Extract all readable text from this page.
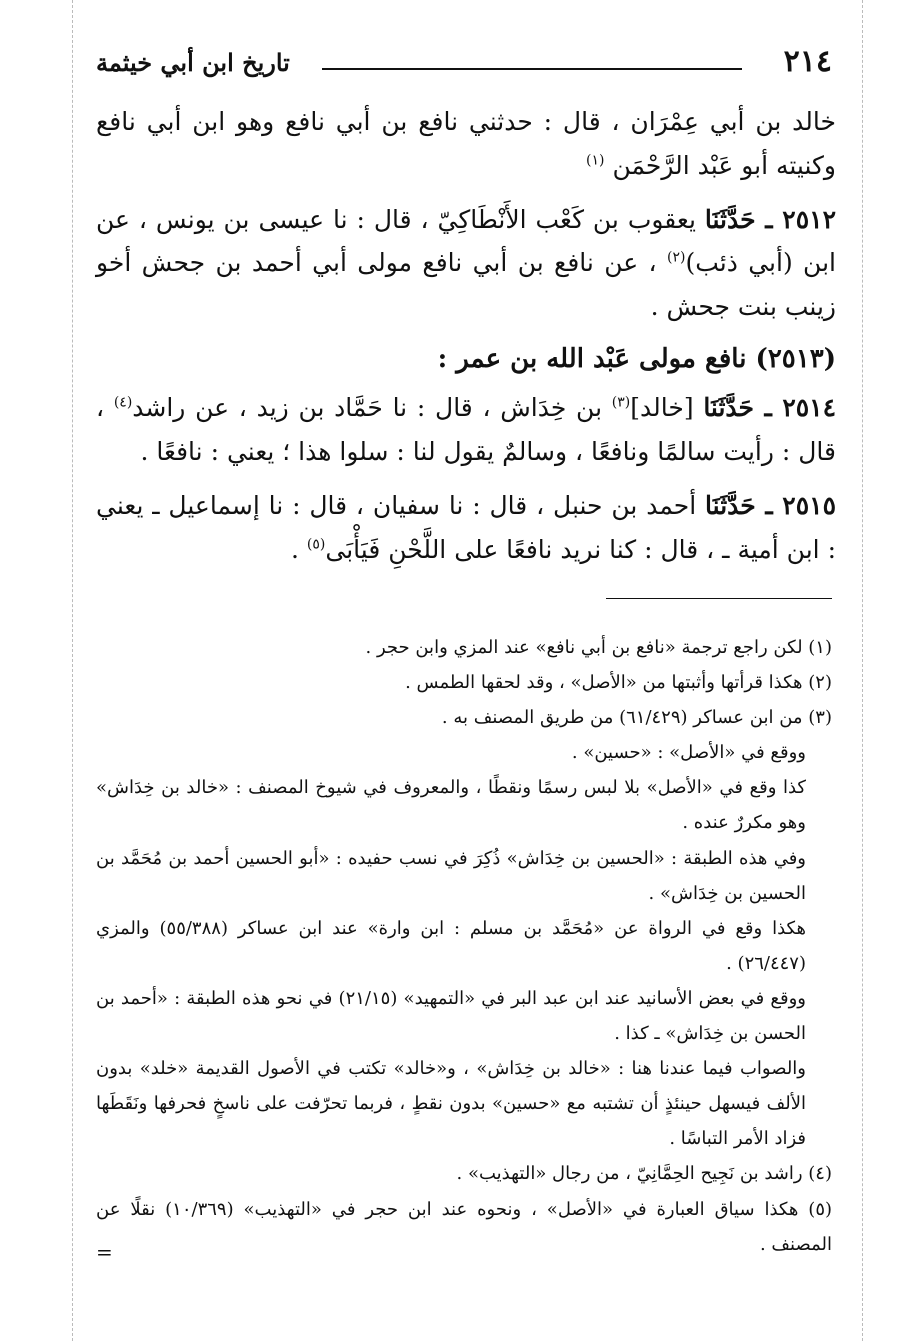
٢١٤
تاريخ ابن أبي خيثمة

خالد بن أبي عِمْرَان ، قال : حدثني نافع بن أبي نافع وهو ابن أبي نافع وكنيته أبو عَبْد الرَّحْمَن $^{(١)}$

٢٥١٢ ـ حَدَّثَنَا يعقوب بن كَعْب الأَنْطَاكِيّ ، قال : نا عيسى بن يونس ، عن ابن (أبي ذئب)$^{(٢)}$ ، عن نافع بن أبي نافع مولى أبي أحمد بن جحش أخو زينب بنت جحش .

(٢٥١٣) نافع مولى عَبْد الله بن عمر :

٢٥١٤ ـ حَدَّثَنَا [خالد]$^{(٣)}$ بن خِدَاش ، قال : نا حَمَّاد بن زيد ، عن راشد$^{(٤)}$ ، قال : رأيت سالمًا ونافعًا ، وسالمٌ يقول لنا : سلوا هذا ؛ يعني : نافعًا .

٢٥١٥ ـ حَدَّثَنَا أحمد بن حنبل ، قال : نا سفيان ، قال : نا إسماعيل ـ يعني : ابن أمية ـ ، قال : كنا نريد نافعًا على اللَّحْنِ فَيَأْبَى$^{(٥)}$ .

(١) لكن راجع ترجمة «نافع بن أبي نافع» عند المزي وابن حجر .

(٢) هكذا قرأتها وأثبتها من «الأصل» ، وقد لحقها الطمس .

(٣) من ابن عساكر (٦١/٤٢٩) من طريق المصنف به .

ووقع في «الأصل» : «حسين» .

كذا وقع في «الأصل» بلا لبس رسمًا ونقطًا ، والمعروف في شيوخ المصنف : «خالد بن خِدَاش» وهو مكررٌ عنده .

وفي هذه الطبقة : «الحسين بن خِدَاش» ذُكِرَ في نسب حفيده : «أبو الحسين أحمد بن مُحَمَّد بن الحسين بن خِدَاش» .

هكذا وقع في الرواة عن «مُحَمَّد بن مسلم : ابن وارة» عند ابن عساكر (٥٥/٣٨٨) والمزي (٢٦/٤٤٧) .

ووقع في بعض الأسانيد عند ابن عبد البر في «التمهيد» (٢١/١٥) في نحو هذه الطبقة : «أحمد بن الحسن بن خِدَاش» ـ كذا .

والصواب فيما عندنا هنا : «خالد بن خِدَاش» ، و«خالد» تكتب في الأصول القديمة «خلد» بدون الألف فيسهل حينئذٍ أن تشتبه مع «حسين» بدون نقطٍ ، فربما تحرّفت على ناسخٍ فحرفها ونَقَطَها فزاد الأمر التباسًا .

(٤) راشد بن نَجِيح الحِمَّانِيّ ، من رجال «التهذيب» .

(٥) هكذا سياق العبارة في «الأصل» ، ونحوه عند ابن حجر في «التهذيب» (١٠/٣٦٩) نقلًا عن المصنف .

=
